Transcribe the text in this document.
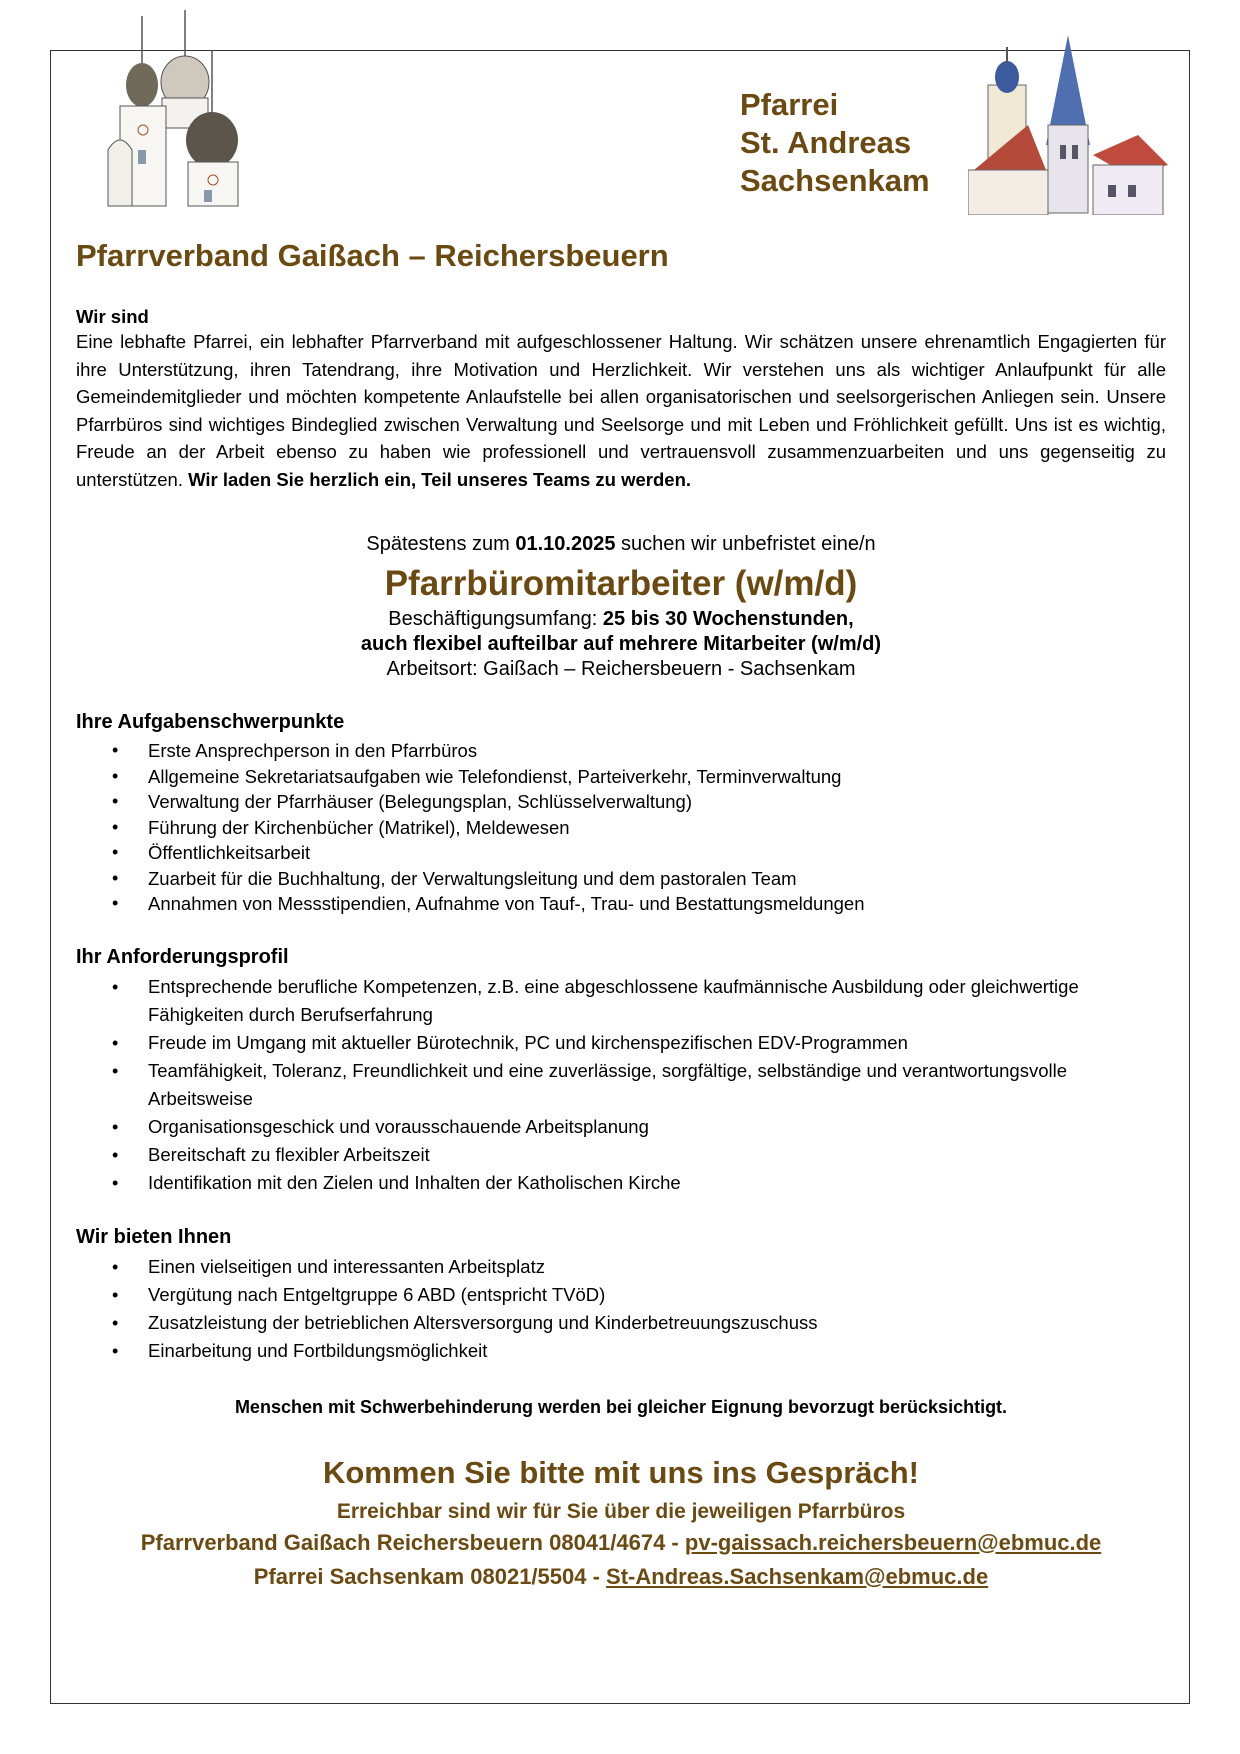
Pfarrei
St. Andreas
Sachsenkam
Pfarrverband Gaißach – Reichersbeuern

Wir sind

Eine lebhafte Pfarrei, ein lebhafter Pfarrverband mit aufgeschlossener Haltung. Wir schätzen unsere ehrenamtlich Engagierten für ihre Unterstützung, ihren Tatendrang, ihre Motivation und Herzlichkeit. Wir verstehen uns als wichtiger Anlaufpunkt für alle Gemeindemitglieder und möchten kompetente Anlaufstelle bei allen organisatorischen und seelsorgerischen Anliegen sein. Unsere Pfarrbüros sind wichtiges Bindeglied zwischen Verwaltung und Seelsorge und mit Leben und Fröhlichkeit gefüllt. Uns ist es wichtig, Freude an der Arbeit ebenso zu haben wie professionell und vertrauensvoll zusammenzuarbeiten und uns gegenseitig zu unterstützen. Wir laden Sie herzlich ein, Teil unseres Teams zu werden.

Spätestens zum 01.10.2025 suchen wir unbefristet eine/n
Pfarrbüromitarbeiter (w/m/d)
Beschäftigungsumfang: 25 bis 30 Wochenstunden,
auch flexibel aufteilbar auf mehrere Mitarbeiter (w/m/d)
Arbeitsort: Gaißach – Reichersbeuern - Sachsenkam
Ihre Aufgabenschwerpunkte
• Erste Ansprechperson in den Pfarrbüros
• Allgemeine Sekretariatsaufgaben wie Telefondienst, Parteiverkehr, Terminverwaltung
• Verwaltung der Pfarrhäuser (Belegungsplan, Schlüsselverwaltung)
• Führung der Kirchenbücher (Matrikel), Meldewesen
• Öffentlichkeitsarbeit
• Zuarbeit für die Buchhaltung, der Verwaltungsleitung und dem pastoralen Team
• Annahmen von Messstipendien, Aufnahme von Tauf-, Trau- und Bestattungsmeldungen
Ihr Anforderungsprofil
• Entsprechende berufliche Kompetenzen, z.B. eine abgeschlossene kaufmännische Ausbildung oder gleichwertige Fähigkeiten durch Berufserfahrung
• Freude im Umgang mit aktueller Bürotechnik, PC und kirchenspezifischen EDV-Programmen
• Teamfähigkeit, Toleranz, Freundlichkeit und eine zuverlässige, sorgfältige, selbständige und verantwortungsvolle Arbeitsweise
• Organisationsgeschick und vorausschauende Arbeitsplanung
• Bereitschaft zu flexibler Arbeitszeit
• Identifikation mit den Zielen und Inhalten der Katholischen Kirche
Wir bieten Ihnen
• Einen vielseitigen und interessanten Arbeitsplatz
• Vergütung nach Entgeltgruppe 6 ABD (entspricht TVöD)
• Zusatzleistung der betrieblichen Altersversorgung und Kinderbetreuungszuschuss
• Einarbeitung und Fortbildungsmöglichkeit
Menschen mit Schwerbehinderung werden bei gleicher Eignung bevorzugt berücksichtigt.
Kommen Sie bitte mit uns ins Gespräch!
Erreichbar sind wir für Sie über die jeweiligen Pfarrbüros
Pfarrverband Gaißach Reichersbeuern 08041/4674 - pv-gaissach.reichersbeuern@ebmuc.de
Pfarrei Sachsenkam 08021/5504 - St-Andreas.Sachsenkam@ebmuc.de
